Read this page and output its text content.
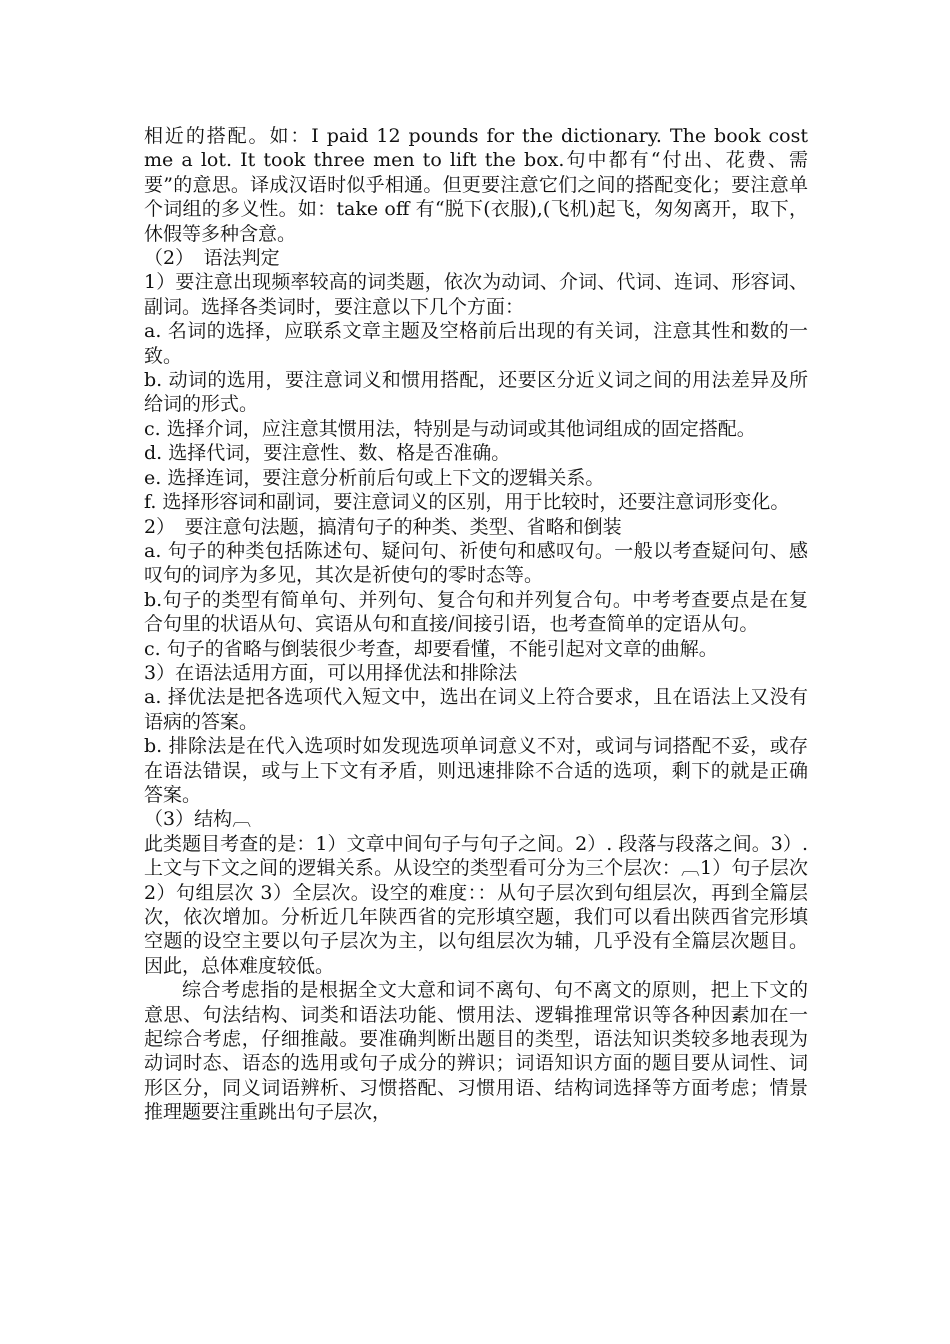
相近的搭配。如：I paid 12 pounds for the dictionary. The book cost me a lot. It took three men to lift the box.句中都有“付出、花费、需要”的意思。译成汉语时似乎相通。但更要注意它们之间的搭配变化；要注意单个词组的多义性。如：take off 有“脱下(衣服),(飞机)起飞，匆匆离开，取下，休假等多种含意。

（2）　语法判定

1）要注意出现频率较高的词类题，依次为动词、介词、代词、连词、形容词、副词。选择各类词时，要注意以下几个方面：

a. 名词的选择，应联系文章主题及空格前后出现的有关词，注意其性和数的一致。

b. 动词的选用，要注意词义和惯用搭配，还要区分近义词之间的用法差异及所给词的形式。

c. 选择介词，应注意其惯用法，特别是与动词或其他词组成的固定搭配。

d. 选择代词，要注意性、数、格是否准确。

e. 选择连词，要注意分析前后句或上下文的逻辑关系。

f. 选择形容词和副词，要注意词义的区别，用于比较时，还要注意词形变化。

2）　要注意句法题，搞清句子的种类、类型、省略和倒装

a. 句子的种类包括陈述句、疑问句、祈使句和感叹句。一般以考查疑问句、感叹句的词序为多见，其次是祈使句的零时态等。

b.句子的类型有简单句、并列句、复合句和并列复合句。中考考查要点是在复合句里的状语从句、宾语从句和直接/间接引语，也考查简单的定语从句。

c. 句子的省略与倒装很少考查，却要看懂，不能引起对文章的曲解。

3）在语法适用方面，可以用择优法和排除法

a. 择优法是把各选项代入短文中，选出在词义上符合要求，且在语法上又没有语病的答案。

b. 排除法是在代入选项时如发现选项单词意义不对，或词与词搭配不妥，或存在语法错误，或与上下文有矛盾，则迅速排除不合适的选项，剩下的就是正确答案。

（3）结构︹

此类题目考查的是：1）文章中间句子与句子之间。2）. 段落与段落之间。3）. 上文与下文之间的逻辑关系。从设空的类型看可分为三个层次：︹1）句子层次 2）句组层次 3）全层次。设空的难度：：从句子层次到句组层次，再到全篇层次，依次增加。分析近几年陕西省的完形填空题，我们可以看出陕西省完形填空题的设空主要以句子层次为主，以句组层次为辅，几乎没有全篇层次题目。因此，总体难度较低。

综合考虑指的是根据全文大意和词不离句、句不离文的原则，把上下文的意思、句法结构、词类和语法功能、惯用法、逻辑推理常识等各种因素加在一起综合考虑，仔细推敲。要准确判断出题目的类型，语法知识类较多地表现为动词时态、语态的选用或句子成分的辨识；词语知识方面的题目要从词性、词形区分，同义词语辨析、习惯搭配、习惯用语、结构词选择等方面考虑；情景推理题要注重跳出句子层次，
